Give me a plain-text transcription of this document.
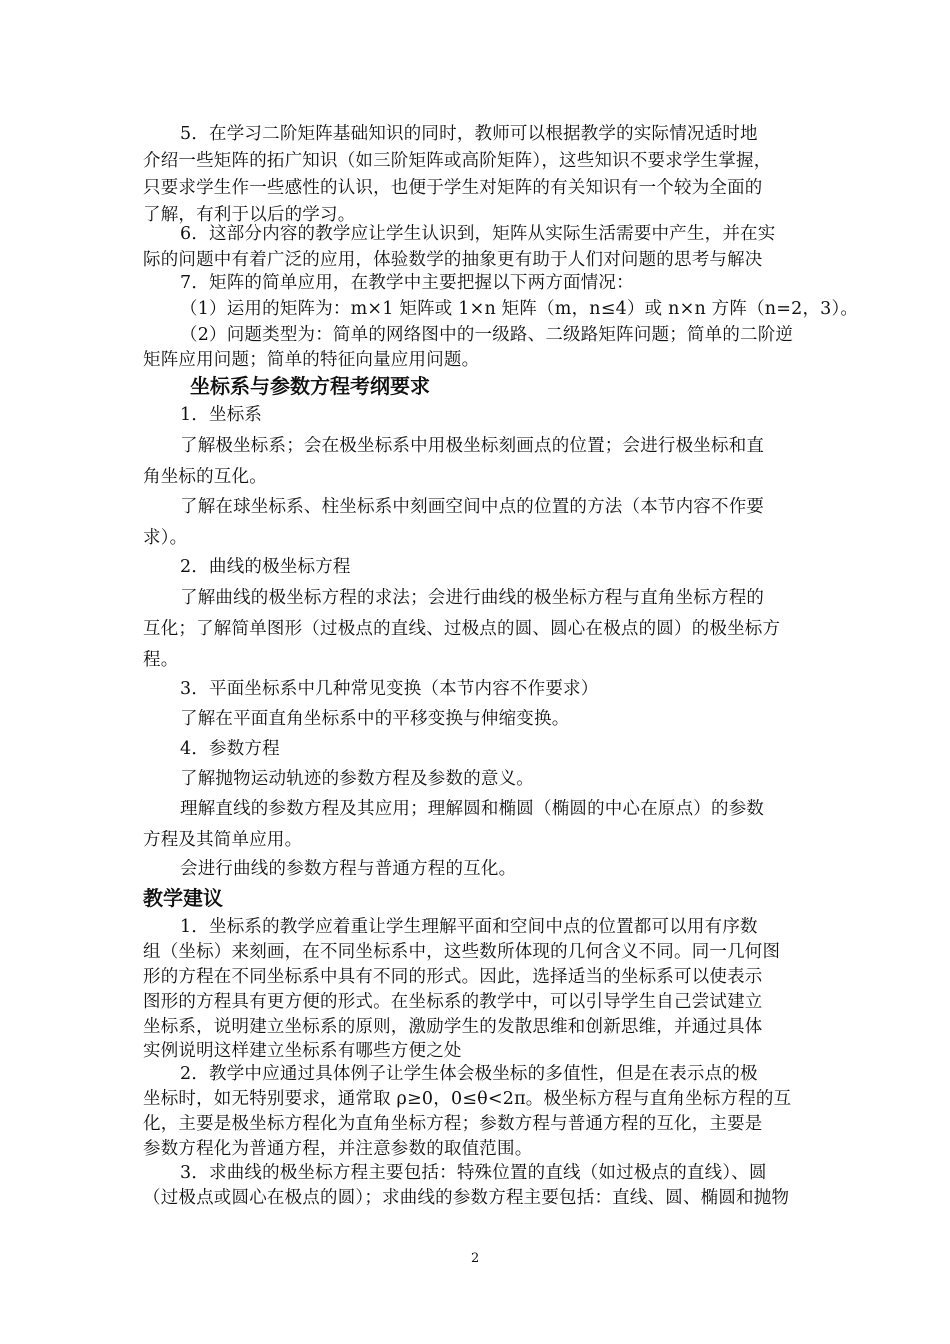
5．在学习二阶矩阵基础知识的同时，教师可以根据教学的实际情况适时地
介绍一些矩阵的拓广知识（如三阶矩阵或高阶矩阵），这些知识不要求学生掌握，
只要求学生作一些感性的认识，也便于学生对矩阵的有关知识有一个较为全面的
了解，有利于以后的学习。
6．这部分内容的教学应让学生认识到，矩阵从实际生活需要中产生，并在实
际的问题中有着广泛的应用，体验数学的抽象更有助于人们对问题的思考与解决
7．矩阵的简单应用，在教学中主要把握以下两方面情况：
（1）运用的矩阵为：m×1 矩阵或 1×n 矩阵（m，n≤4）或 n×n 方阵（n=2，3）。
（2）问题类型为：简单的网络图中的一级路、二级路矩阵问题；简单的二阶逆
矩阵应用问题；简单的特征向量应用问题。
坐标系与参数方程考纲要求
1．坐标系
了解极坐标系；会在极坐标系中用极坐标刻画点的位置；会进行极坐标和直
角坐标的互化。
了解在球坐标系、柱坐标系中刻画空间中点的位置的方法（本节内容不作要
求）。
2．曲线的极坐标方程
了解曲线的极坐标方程的求法；会进行曲线的极坐标方程与直角坐标方程的
互化；了解简单图形（过极点的直线、过极点的圆、圆心在极点的圆）的极坐标方
程。
3．平面坐标系中几种常见变换（本节内容不作要求）
了解在平面直角坐标系中的平移变换与伸缩变换。
4．参数方程
了解抛物运动轨迹的参数方程及参数的意义。
理解直线的参数方程及其应用；理解圆和椭圆（椭圆的中心在原点）的参数
方程及其简单应用。
会进行曲线的参数方程与普通方程的互化。
教学建议
1．坐标系的教学应着重让学生理解平面和空间中点的位置都可以用有序数
组（坐标）来刻画，在不同坐标系中，这些数所体现的几何含义不同。同一几何图
形的方程在不同坐标系中具有不同的形式。因此，选择适当的坐标系可以使表示
图形的方程具有更方便的形式。在坐标系的教学中，可以引导学生自己尝试建立
坐标系，说明建立坐标系的原则，激励学生的发散思维和创新思维，并通过具体
实例说明这样建立坐标系有哪些方便之处
2．教学中应通过具体例子让学生体会极坐标的多值性，但是在表示点的极
坐标时，如无特别要求，通常取 ρ≥0，0≤θ<2π。极坐标方程与直角坐标方程的互
化，主要是极坐标方程化为直角坐标方程；参数方程与普通方程的互化，主要是
参数方程化为普通方程，并注意参数的取值范围。
3．求曲线的极坐标方程主要包括：特殊位置的直线（如过极点的直线）、圆
（过极点或圆心在极点的圆）；求曲线的参数方程主要包括：直线、圆、椭圆和抛物
2
